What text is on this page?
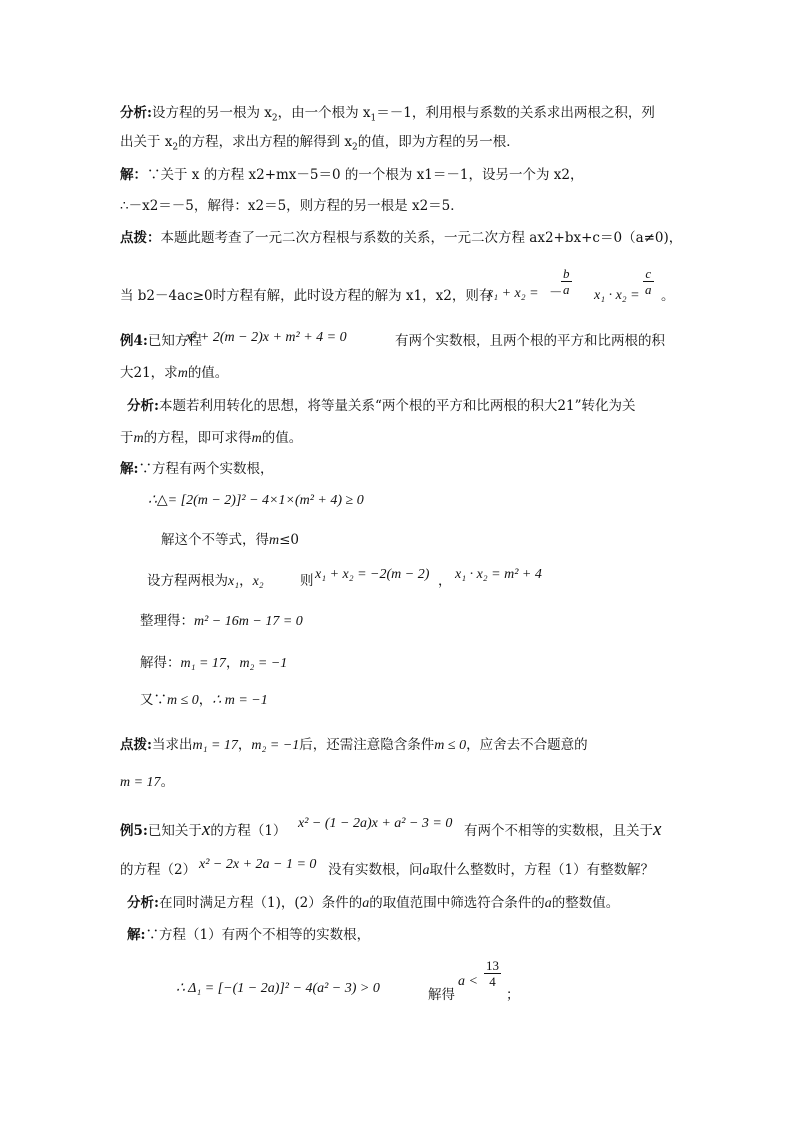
分析:设方程的另一根为 $x_2$，由一个根为 $x_1=-1$，利用根与系数的关系求出两根之积，列
出关于 $x_2$的方程，求出方程的解得到 $x_2$的值，即为方程的另一根．
解：∵关于 x 的方程 x2+mx－5＝0 的一个根为 x1＝－1，设另一个为 x2，
∴－x2＝－5，解得：x2＝5，则方程的另一根是 x2＝5．
点拨：本题此题考查了一元二次方程根与系数的关系，一元二次方程 ax2+bx+c＝0（a≠0)，
当 b2－4ac≥0时方程有解，此时设方程的解为 x1，x2，则有
x₁ + x₂ = －
$\frac{b}{a} x_1 \cdot x_2 = \frac{c}{a}$ 。
例4:已知方程
x² + 2(m − 2)x + m² + 4 = 0	有两个实数根，且两个根的平方和比两根的积
大21，求m的值。
分析:本题若利用转化的思想，将等量关系“两个根的平方和比两根的积大21”转化为关
于m的方程，即可求得m的值。
解:∵方程有两个实数根，
∴△= [2(m − 2)]² − 4×1×(m² + 4) ≥ 0
解这个不等式，得m≤0
设方程两根为x₁，x₂	则 x₁ + x₂ = −2(m − 2) ， x₁ · x₂ = m² + 4
整理得：m² − 16m − 17 = 0
解得：m₁ = 17，m₂ = −1
又∵m ≤ 0，∴ m = −1
点拨:当求出m₁ = 17，m₂ = −1后，还需注意隐含条件m ≤ 0，应舍去不合题意的
m = 17。
例5:已知关于x的方程（1） x² − (1 − 2a)x + a² − 3 = 0 有两个不相等的实数根，且关于x
的方程（2） x² − 2x + 2a − 1 = 0 没有实数根，问a取什么整数时，方程（1）有整数解？
分析:在同时满足方程（1)，(2）条件的a的取值范围中筛选符合条件的a的整数值。
解:∵方程（1）有两个不相等的实数根，
∴ Δ₁ = [−(1 − 2a)]² − 4(a² − 3) > 0	解得
$a < \frac{13}{4}$
；
